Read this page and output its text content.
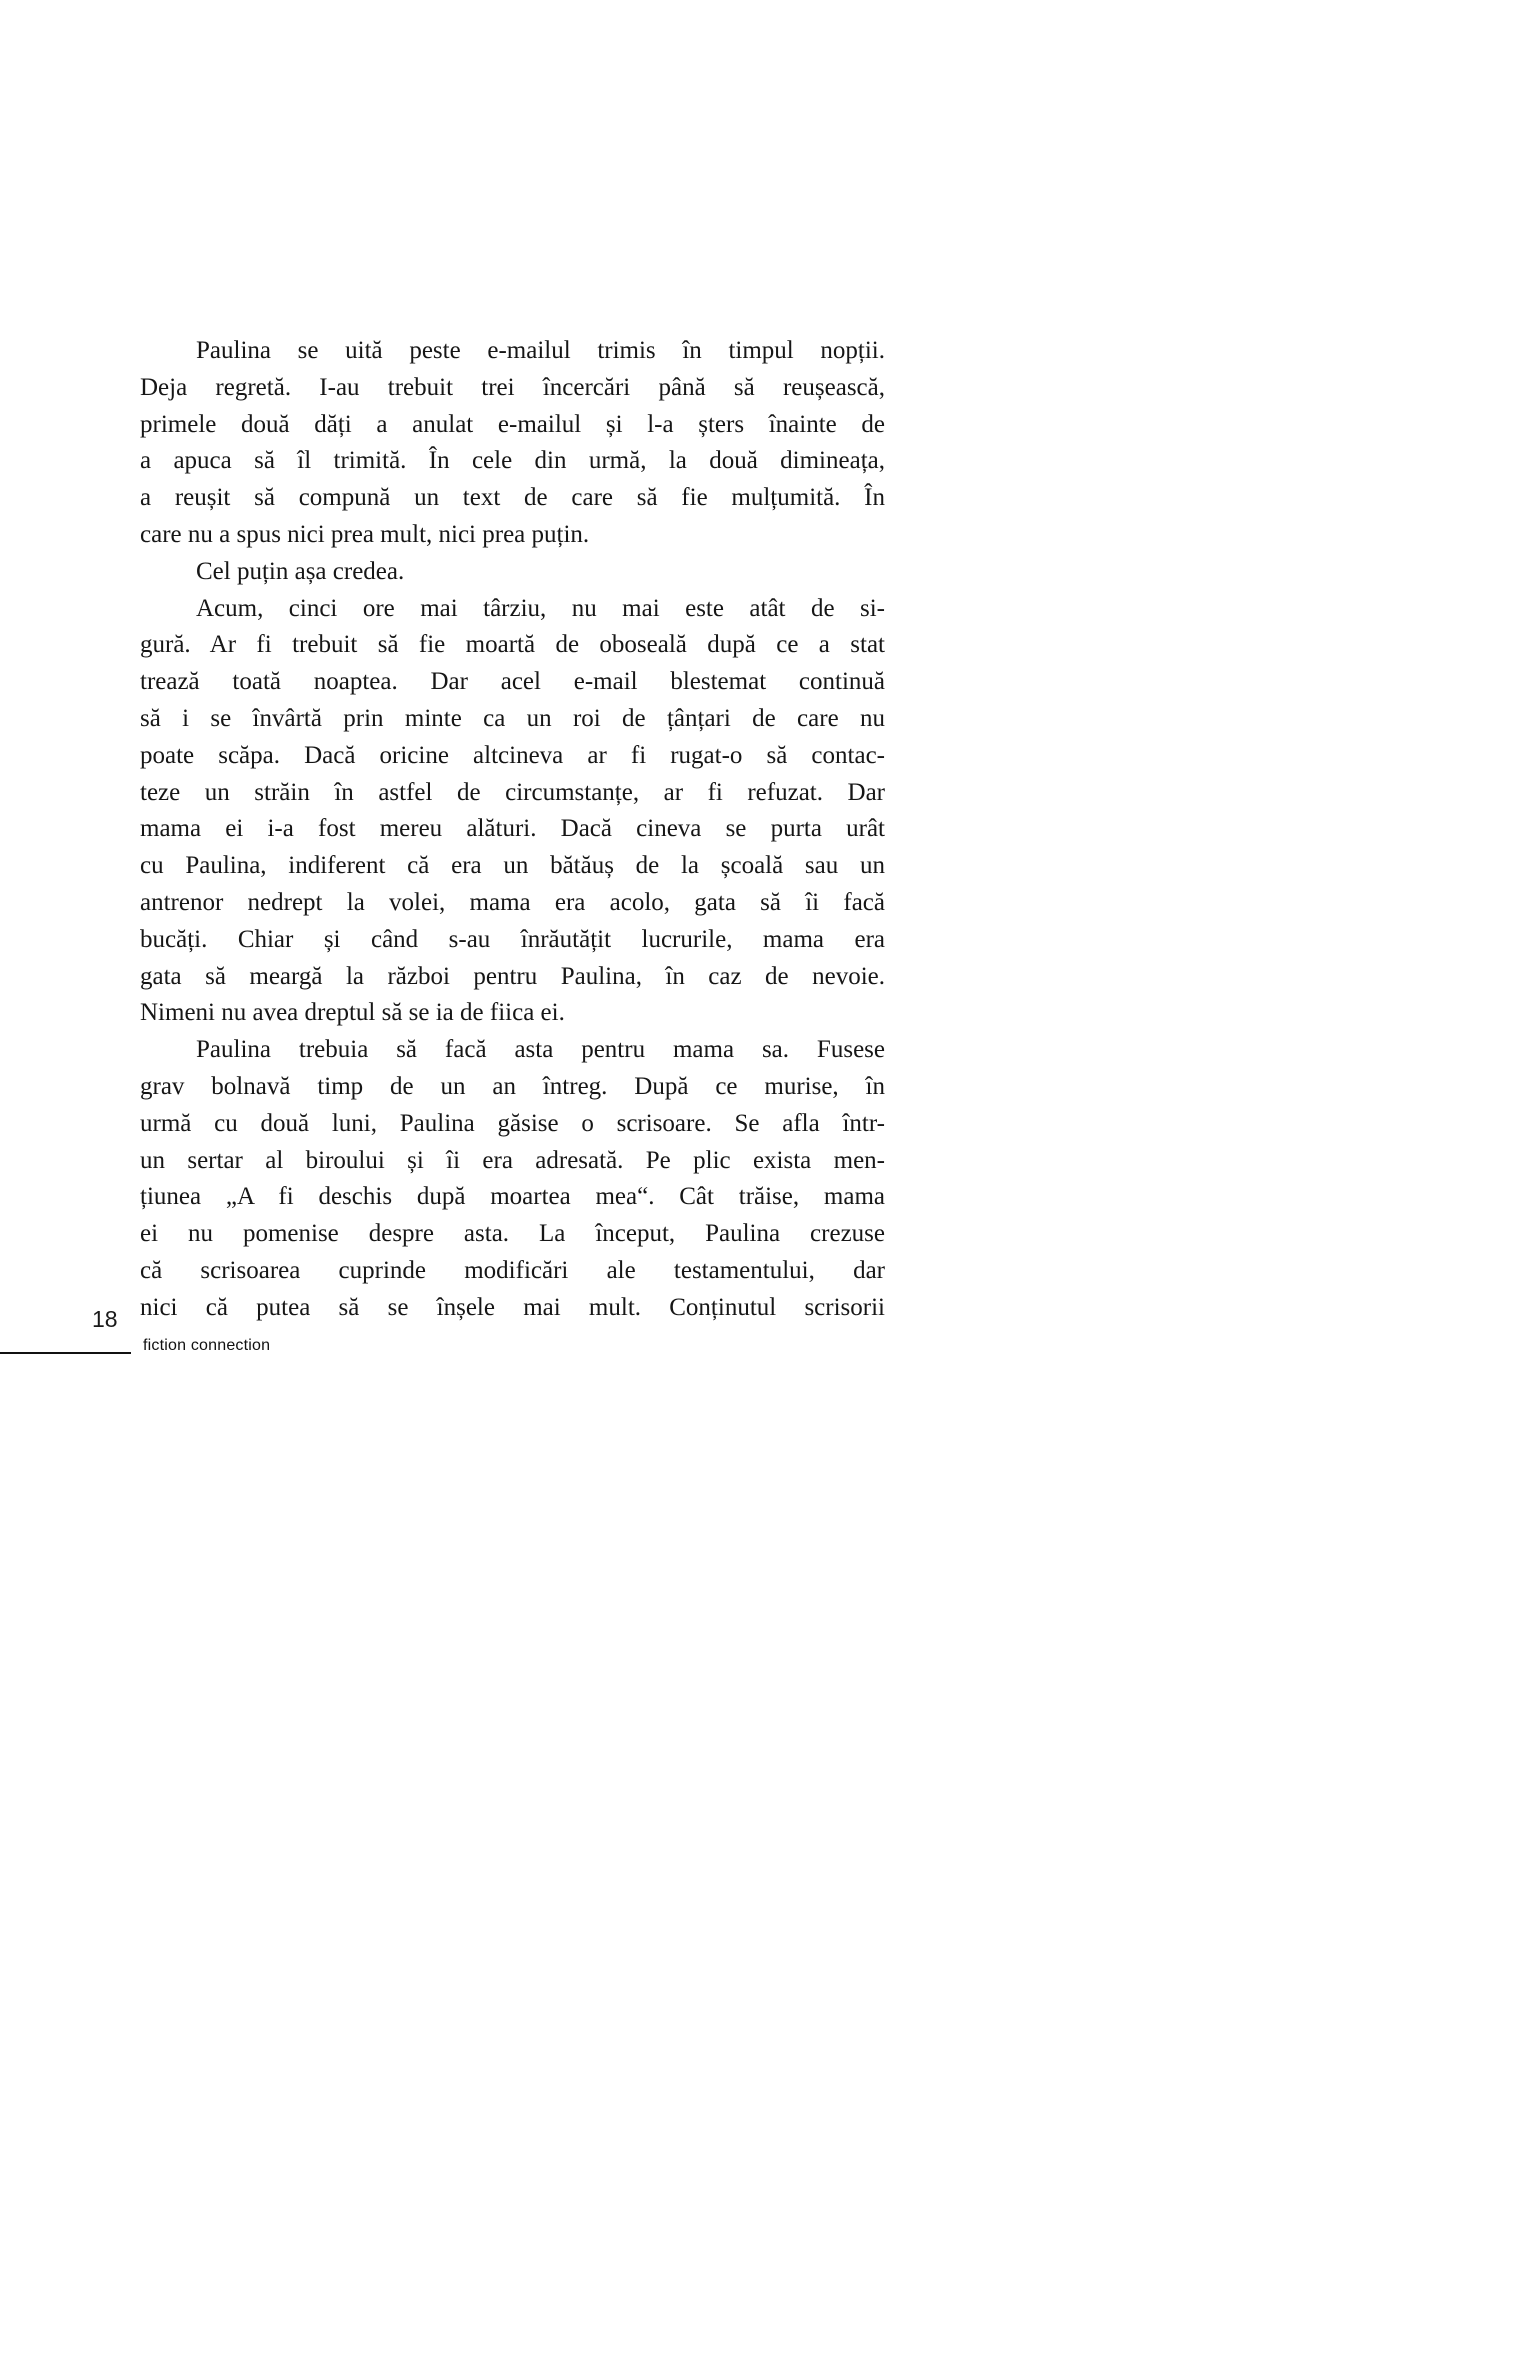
Paulina se uită peste e-mailul trimis în timpul nopții.
Deja regretă. I-au trebuit trei încercări până să reușească,
primele două dăți a anulat e-mailul și l-a șters înainte de
a apuca să îl trimită. În cele din urmă, la două dimineața,
a reușit să compună un text de care să fie mulțumită. În
care nu a spus nici prea mult, nici prea puțin.
Cel puțin așa credea.
Acum, cinci ore mai târziu, nu mai este atât de si-
gură. Ar fi trebuit să fie moartă de oboseală după ce a stat
trează toată noaptea. Dar acel e-mail blestemat continuă
să i se învârtă prin minte ca un roi de țânțari de care nu
poate scăpa. Dacă oricine altcineva ar fi rugat-o să contac-
teze un străin în astfel de circumstanțe, ar fi refuzat. Dar
mama ei i-a fost mereu alături. Dacă cineva se purta urât
cu Paulina, indiferent că era un bătăuș de la școală sau un
antrenor nedrept la volei, mama era acolo, gata să îi facă
bucăți. Chiar și când s-au înrăutățit lucrurile, mama era
gata să meargă la război pentru Paulina, în caz de nevoie.
Nimeni nu avea dreptul să se ia de fiica ei.
Paulina trebuia să facă asta pentru mama sa. Fusese
grav bolnavă timp de un an întreg. După ce murise, în
urmă cu două luni, Paulina găsise o scrisoare. Se afla într-
un sertar al biroului și îi era adresată. Pe plic exista men-
țiunea „A fi deschis după moartea mea“. Cât trăise, mama
ei nu pomenise despre asta. La început, Paulina crezuse
că scrisoarea cuprinde modificări ale testamentului, dar
nici că putea să se înșele mai mult. Conținutul scrisorii
18
fiction connection
